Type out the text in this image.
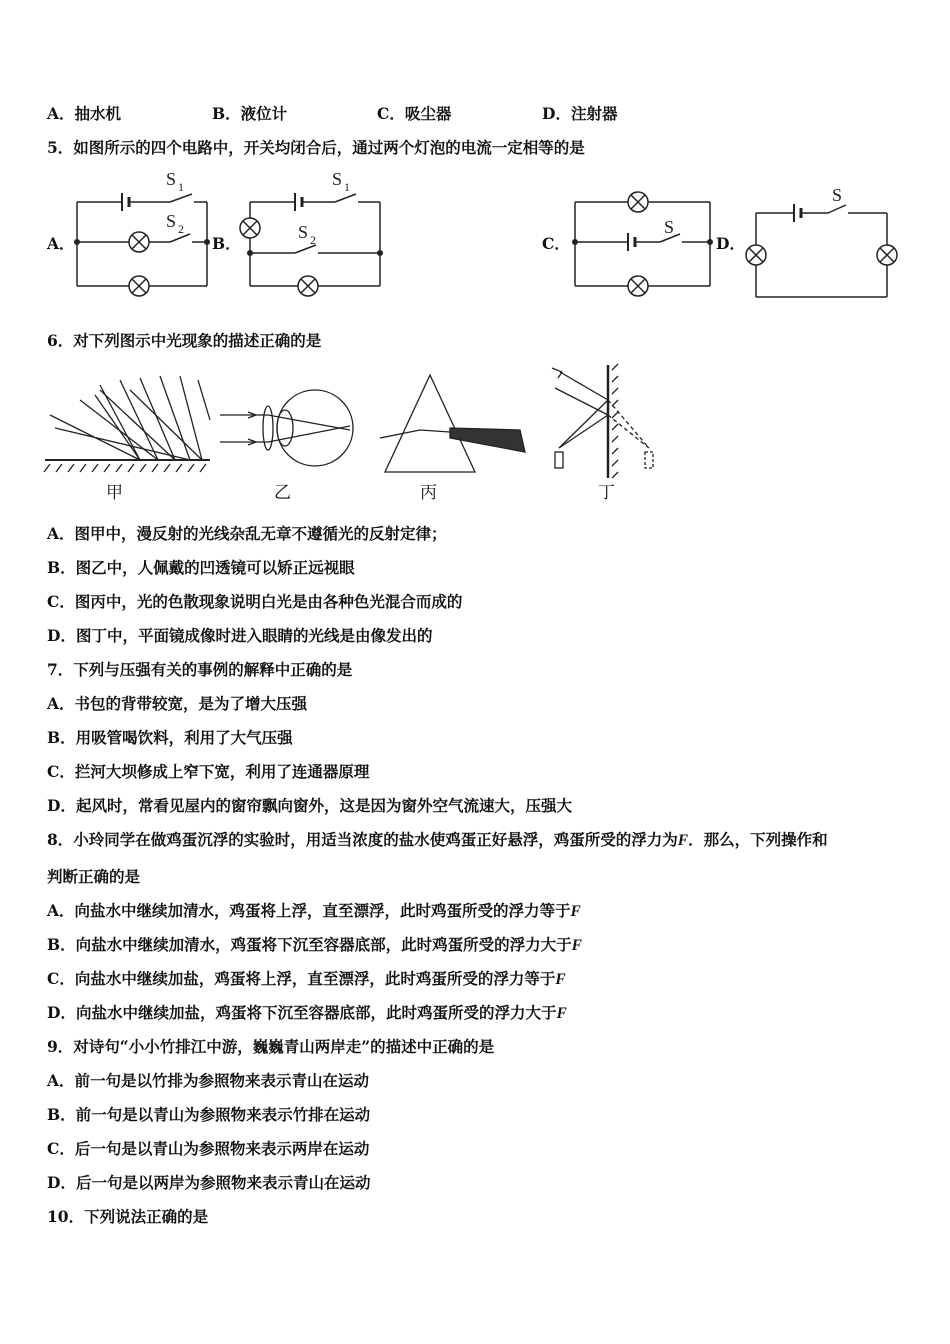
A．抽水机	B．液位计	C．吸尘器	D．注射器
5．如图所示的四个电路中，开关均闭合后，通过两个灯泡的电流一定相等的是
S 1
S 2
S 1
S 2
S
S
A．	B．	C．	D．
6．对下列图示中光现象的描述正确的是
甲	乙	丙	丁
A．图甲中，漫反射的光线杂乱无章不遵循光的反射定律；
B．图乙中，人佩戴的凹透镜可以矫正远视眼
C．图丙中，光的色散现象说明白光是由各种色光混合而成的
D．图丁中，平面镜成像时进入眼睛的光线是由像发出的
7．下列与压强有关的事例的解释中正确的是
A．书包的背带较宽，是为了增大压强
B．用吸管喝饮料，利用了大气压强
C．拦河大坝修成上窄下宽，利用了连通器原理
D．起风时，常看见屋内的窗帘飘向窗外，这是因为窗外空气流速大，压强大
8．小玲同学在做鸡蛋沉浮的实验时，用适当浓度的盐水使鸡蛋正好悬浮，鸡蛋所受的浮力为F．那么，下列操作和
判断正确的是
A．向盐水中继续加清水，鸡蛋将上浮，直至漂浮，此时鸡蛋所受的浮力等于F
B．向盐水中继续加清水，鸡蛋将下沉至容器底部，此时鸡蛋所受的浮力大于F
C．向盐水中继续加盐，鸡蛋将上浮，直至漂浮，此时鸡蛋所受的浮力等于F
D．向盐水中继续加盐，鸡蛋将下沉至容器底部，此时鸡蛋所受的浮力大于F
9．对诗句“小小竹排江中游，巍巍青山两岸走”的描述中正确的是
A．前一句是以竹排为参照物来表示青山在运动
B．前一句是以青山为参照物来表示竹排在运动
C．后一句是以青山为参照物来表示两岸在运动
D．后一句是以两岸为参照物来表示青山在运动
10．下列说法正确的是
